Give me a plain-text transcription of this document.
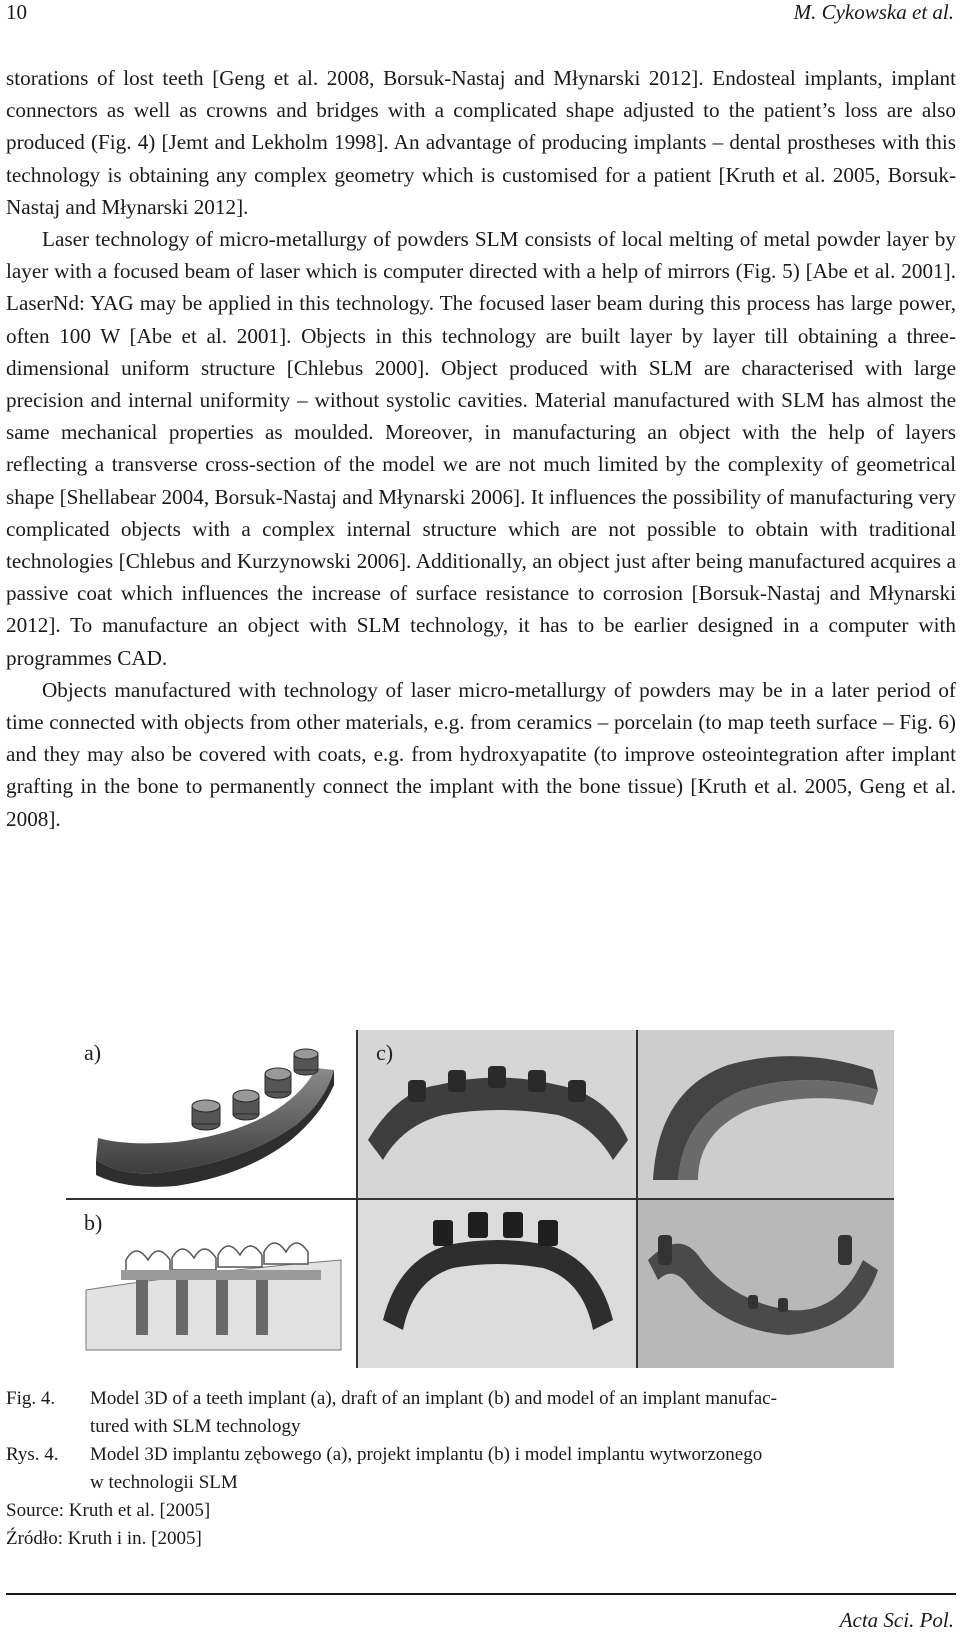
10	M. Cykowska et al.

storations of lost teeth [Geng et al. 2008, Borsuk-Nastaj and Młynarski 2012]. Endosteal implants, implant connectors as well as crowns and bridges with a complicated shape adjusted to the patient’s loss are also produced (Fig. 4) [Jemt and Lekholm 1998]. An advantage of producing implants – dental prostheses with this technology is obtaining any complex geometry which is customised for a patient [Kruth et al. 2005, Borsuk-Nastaj and Młynarski 2012].

Laser technology of micro-metallurgy of powders SLM consists of local melting of metal powder layer by layer with a focused beam of laser which is computer directed with a help of mirrors (Fig. 5) [Abe et al. 2001]. LaserNd: YAG may be applied in this technology. The focused laser beam during this process has large power, often 100 W [Abe et al. 2001]. Objects in this technology are built layer by layer till obtaining a three-dimensional uniform structure [Chlebus 2000]. Object produced with SLM are characterised with large precision and internal uniformity – without systolic cavities. Material manufactured with SLM has almost the same mechanical properties as moulded. Moreover, in manufacturing an object with the help of layers reflecting a transverse cross-section of the model we are not much limited by the complexity of geometrical shape [Shellabear 2004, Borsuk-Nastaj and Młynarski 2006]. It influences the possibility of manufacturing very complicated objects with a complex internal structure which are not possible to obtain with traditional technologies [Chlebus and Kurzynowski 2006]. Additionally, an object just after being manufactured acquires a passive coat which influences the increase of surface resistance to corrosion [Borsuk-Nastaj and Młynarski 2012]. To manufacture an object with SLM technology, it has to be earlier designed in a computer with programmes CAD.

Objects manufactured with technology of laser micro-metallurgy of powders may be in a later period of time connected with objects from other materials, e.g. from ceramics – porcelain (to map teeth surface – Fig. 6) and they may also be covered with coats, e.g. from hydroxyapatite (to improve osteointegration after implant grafting in the bone to permanently connect the implant with the bone tissue) [Kruth et al. 2005, Geng et al. 2008].

a)	c)
b)
Fig. 4.	Model 3D of a teeth implant (a), draft of an implant (b) and model of an implant manufac-
tured with SLM technology
Rys. 4.	Model 3D implantu zębowego (a), projekt implantu (b) i model implantu wytworzonego
w technologii SLM
Source: Kruth et al. [2005]
Źródło: Kruth i in. [2005]
Acta Sci. Pol.
